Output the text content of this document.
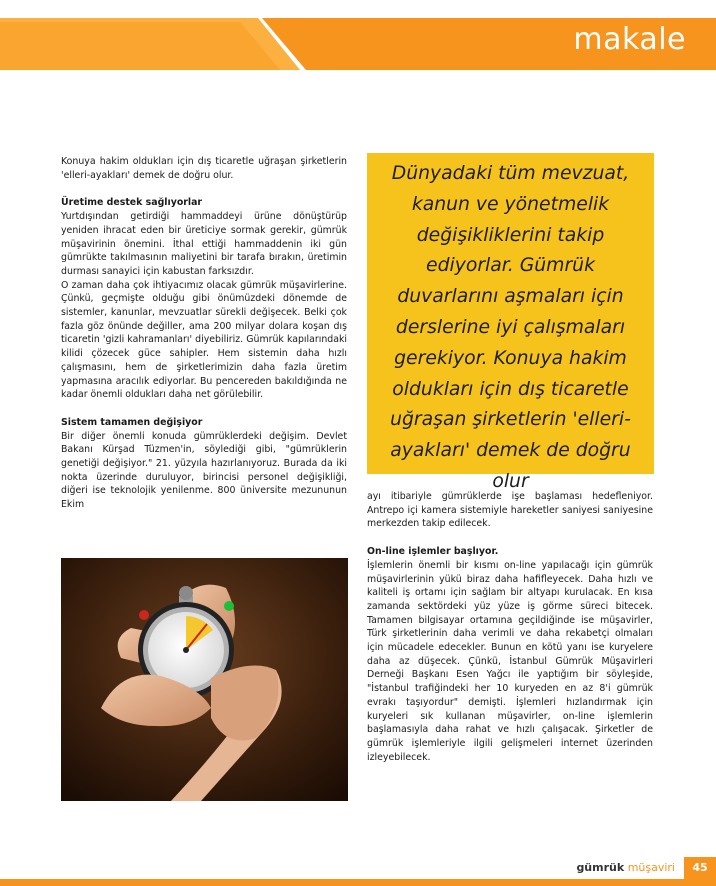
makale

Konuya hakim oldukları için dış ticaretle uğraşan şirketlerin 'elleri-ayakları' demek de doğru olur.

Üretime destek sağlıyorlar

Yurtdışından getirdiği hammaddeyi ürüne dönüştürüp yeniden ihracat eden bir üreticiye sormak gerekir, gümrük müşavirinin önemini. İthal ettiği hammaddenin iki gün gümrükte takılmasının maliyetini bir tarafa bırakın, üretimin durması sanayici için kabustan farksızdır.

O zaman daha çok ihtiyacımız olacak gümrük müşavirlerine. Çünkü, geçmişte olduğu gibi önümüzdeki dönemde de sistemler, kanunlar, mevzuatlar sürekli değişecek. Belki çok fazla göz önünde değiller, ama 200 milyar dolara koşan dış ticaretin 'gizli kahramanları' diyebiliriz. Gümrük kapılarındaki kilidi çözecek güce sahipler. Hem sistemin daha hızlı çalışmasını, hem de şirketlerimizin daha fazla üretim yapmasına aracılık ediyorlar. Bu pencereden bakıldığında ne kadar önemli oldukları daha net görülebilir.

Sistem tamamen değişiyor

Bir diğer önemli konuda gümrüklerdeki değişim. Devlet Bakanı Kürşad Tüzmen'in, söylediği gibi, "gümrüklerin geneti̇ği değişiyor." 21. yüzyıla hazırlanıyoruz. Burada da iki nokta üzerinde duruluyor, birincisi personel değişikliği, diğeri ise teknolojik yenilenme. 800 üniversite mezununun Ekim

Dünyadaki tüm mevzuat, kanun ve yönetmelik değişikliklerini takip ediyorlar. Gümrük duvarlarını aşmaları için derslerine iyi çalışmaları gerekiyor. Konuya hakim oldukları için dış ticaretle uğraşan şirketlerin 'elleri-ayakları' demek de doğru olur

ayı itibariyle gümrüklerde işe başlaması hedefleniyor. Antrepo içi kamera sistemiyle hareketler saniyesi saniyesine merkezden takip edilecek.

On-line işlemler başlıyor.

İşlemlerin önemli bir kısmı on-line yapılacağı için gümrük müşavirlerinin yükü biraz daha hafifleyecek. Daha hızlı ve kaliteli iş ortamı için sağlam bir altyapı kurulacak. En kısa zamanda sektördeki yüz yüze iş görme süreci bitecek. Tamamen bilgisayar ortamına geçildiğinde ise müşavirler, Türk şirketlerinin daha verimli ve daha rekabetçi olmaları için mücadele edecekler. Bunun en kötü yanı ise kuryelere daha az düşecek. Çünkü, İstanbul Gümrük Müşavirleri Derneği Başkanı Esen Yağcı ile yaptığım bir söyleşide, "İstanbul trafiğindeki her 10 kuryeden en az 8'i gümrük evrakı taşıyordur" demişti. İşlemleri hızlandırmak için kuryeleri sık kullanan müşavirler, on-line işlemlerin başlamasıyla daha rahat ve hızlı çalışacak. Şirketler de gümrük işlemleriyle ilgili gelişmeleri internet üzerinden izleyebilecek.

gümrük müşaviri	45
